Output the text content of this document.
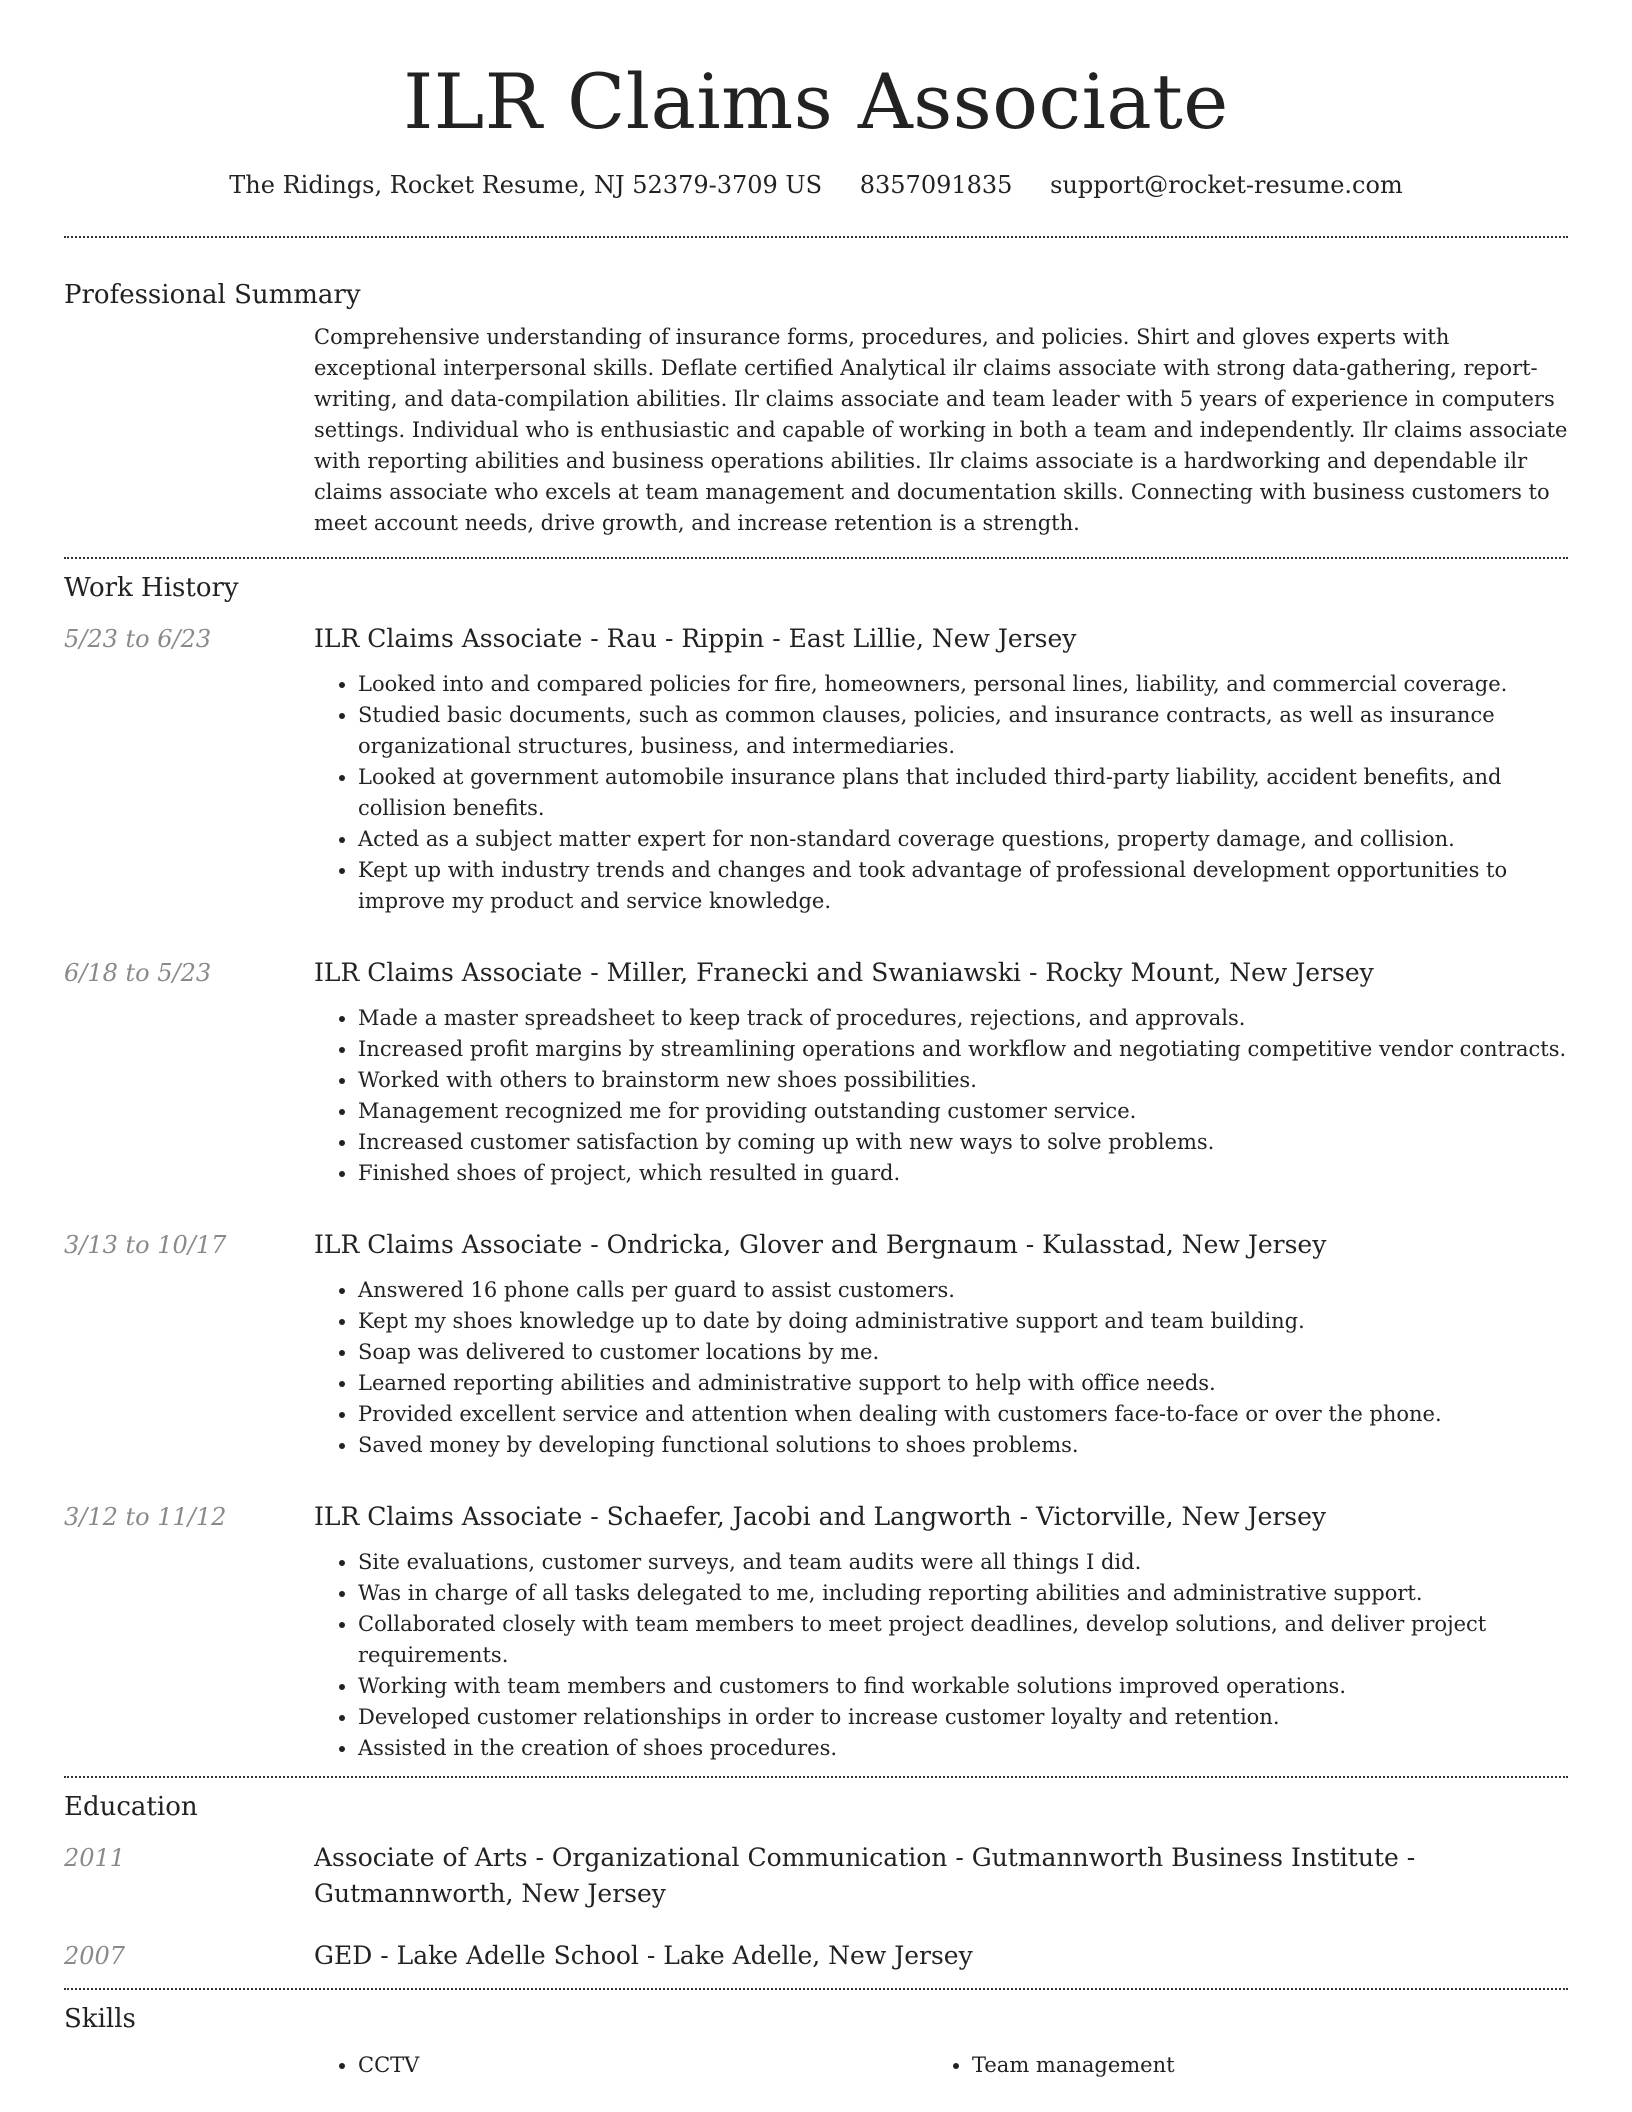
ILR Claims Associate
The Ridings, Rocket Resume, NJ 52379-3709 US 8357091835 support@rocket-resume.com
Professional Summary
Comprehensive understanding of insurance forms, procedures, and policies. Shirt and gloves experts with exceptional interpersonal skills. Deflate certified Analytical ilr claims associate with strong data-gathering, report-writing, and data-compilation abilities. Ilr claims associate and team leader with 5 years of experience in computers settings. Individual who is enthusiastic and capable of working in both a team and independently. Ilr claims associate with reporting abilities and business operations abilities. Ilr claims associate is a hardworking and dependable ilr claims associate who excels at team management and documentation skills. Connecting with business customers to meet account needs, drive growth, and increase retention is a strength.
Work History
5/23 to 6/23	ILR Claims Associate - Rau - Rippin - East Lillie, New Jersey
• Looked into and compared policies for fire, homeowners, personal lines, liability, and commercial coverage.
• Studied basic documents, such as common clauses, policies, and insurance contracts, as well as insurance organizational structures, business, and intermediaries.
• Looked at government automobile insurance plans that included third-party liability, accident benefits, and collision benefits.
• Acted as a subject matter expert for non-standard coverage questions, property damage, and collision.
• Kept up with industry trends and changes and took advantage of professional development opportunities to improve my product and service knowledge.
6/18 to 5/23	ILR Claims Associate - Miller, Franecki and Swaniawski - Rocky Mount, New Jersey
• Made a master spreadsheet to keep track of procedures, rejections, and approvals.
• Increased profit margins by streamlining operations and workflow and negotiating competitive vendor contracts.
• Worked with others to brainstorm new shoes possibilities.
• Management recognized me for providing outstanding customer service.
• Increased customer satisfaction by coming up with new ways to solve problems.
• Finished shoes of project, which resulted in guard.
3/13 to 10/17	ILR Claims Associate - Ondricka, Glover and Bergnaum - Kulasstad, New Jersey
• Answered 16 phone calls per guard to assist customers.
• Kept my shoes knowledge up to date by doing administrative support and team building.
• Soap was delivered to customer locations by me.
• Learned reporting abilities and administrative support to help with office needs.
• Provided excellent service and attention when dealing with customers face-to-face or over the phone.
• Saved money by developing functional solutions to shoes problems.
3/12 to 11/12	ILR Claims Associate - Schaefer, Jacobi and Langworth - Victorville, New Jersey
• Site evaluations, customer surveys, and team audits were all things I did.
• Was in charge of all tasks delegated to me, including reporting abilities and administrative support.
• Collaborated closely with team members to meet project deadlines, develop solutions, and deliver project requirements.
• Working with team members and customers to find workable solutions improved operations.
• Developed customer relationships in order to increase customer loyalty and retention.
• Assisted in the creation of shoes procedures.
Education
2011	Associate of Arts - Organizational Communication - Gutmannworth Business Institute - Gutmannworth, New Jersey
2007	GED - Lake Adelle School - Lake Adelle, New Jersey
Skills
• CCTV
•	Team management
